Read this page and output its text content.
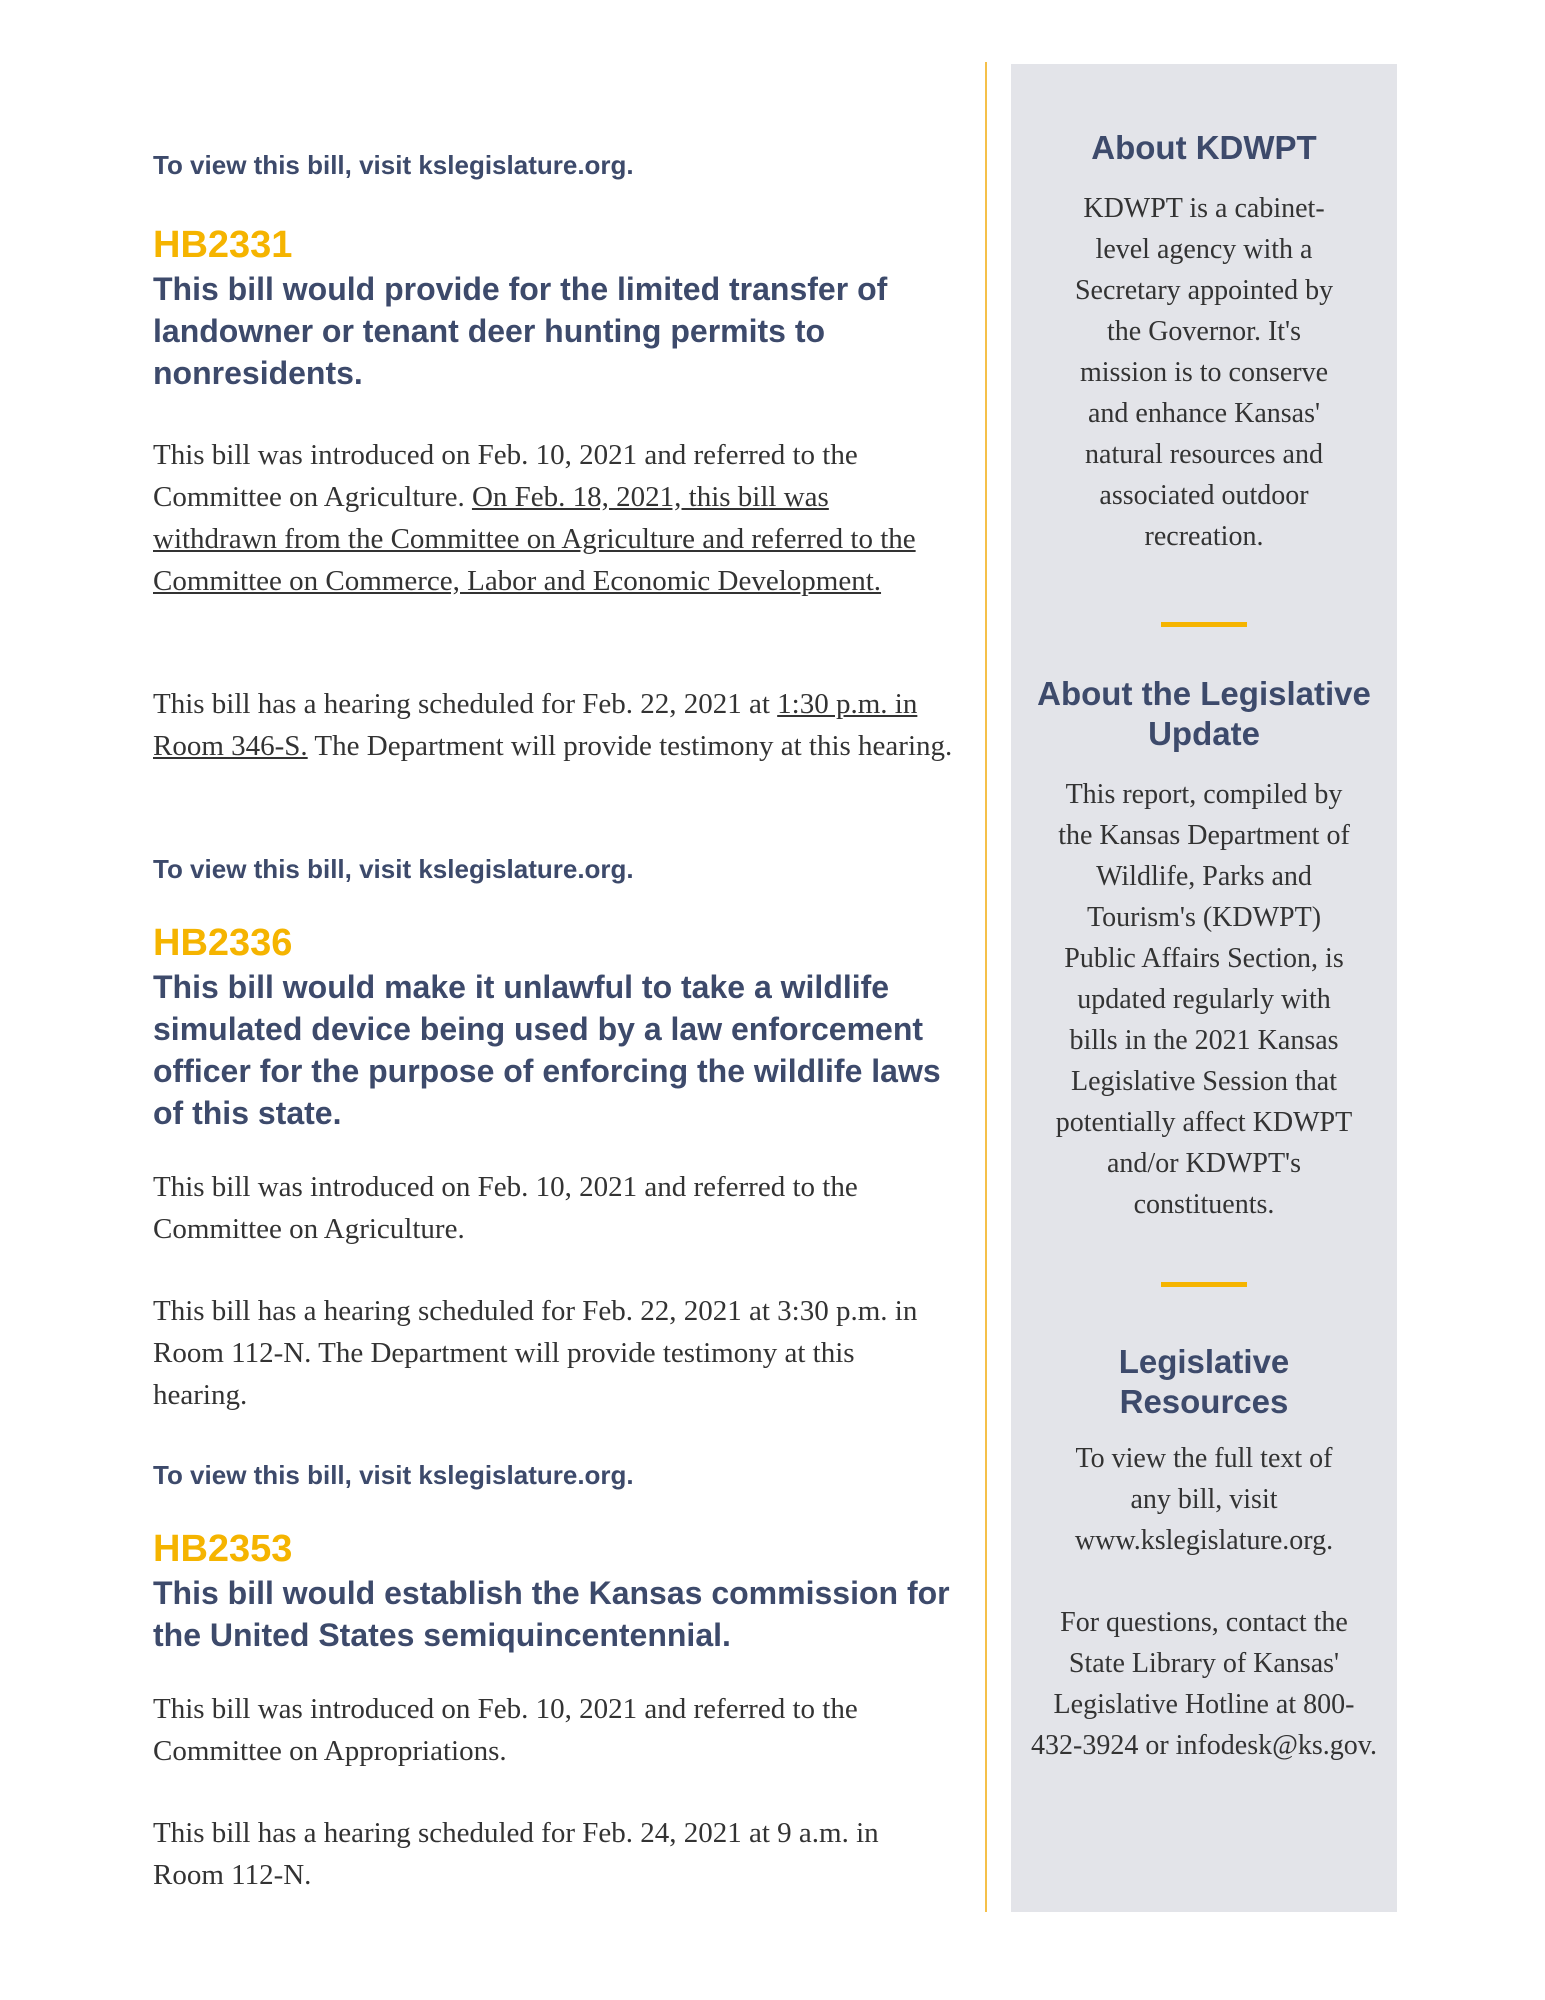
To view this bill, visit kslegislature.org.

HB2331

This bill would provide for the limited transfer of landowner or tenant deer hunting permits to nonresidents.

This bill was introduced on Feb. 10, 2021 and referred to the Committee on Agriculture. On Feb. 18, 2021, this bill was withdrawn from the Committee on Agriculture and referred to the Committee on Commerce, Labor and Economic Development.

This bill has a hearing scheduled for Feb. 22, 2021 at 1:30 p.m. in Room 346-S. The Department will provide testimony at this hearing.

To view this bill, visit kslegislature.org.

HB2336

This bill would make it unlawful to take a wildlife simulated device being used by a law enforcement officer for the purpose of enforcing the wildlife laws of this state.

This bill was introduced on Feb. 10, 2021 and referred to the Committee on Agriculture.

This bill has a hearing scheduled for Feb. 22, 2021 at 3:30 p.m. in Room 112-N. The Department will provide testimony at this hearing.

To view this bill, visit kslegislature.org.

HB2353

This bill would establish the Kansas commission for the United States semiquincentennial.

This bill was introduced on Feb. 10, 2021 and referred to the Committee on Appropriations.

This bill has a hearing scheduled for Feb. 24, 2021 at 9 a.m. in Room 112-N.

About KDWPT

KDWPT is a cabinet-level agency with a Secretary appointed by the Governor. It's mission is to conserve and enhance Kansas' natural resources and associated outdoor recreation.

About the Legislative Update

This report, compiled by the Kansas Department of Wildlife, Parks and Tourism's (KDWPT) Public Affairs Section, is updated regularly with bills in the 2021 Kansas Legislative Session that potentially affect KDWPT and/or KDWPT's constituents.

Legislative Resources

To view the full text of any bill, visit www.kslegislature.org.

For questions, contact the State Library of Kansas' Legislative Hotline at 800-432-3924 or infodesk@ks.gov.
